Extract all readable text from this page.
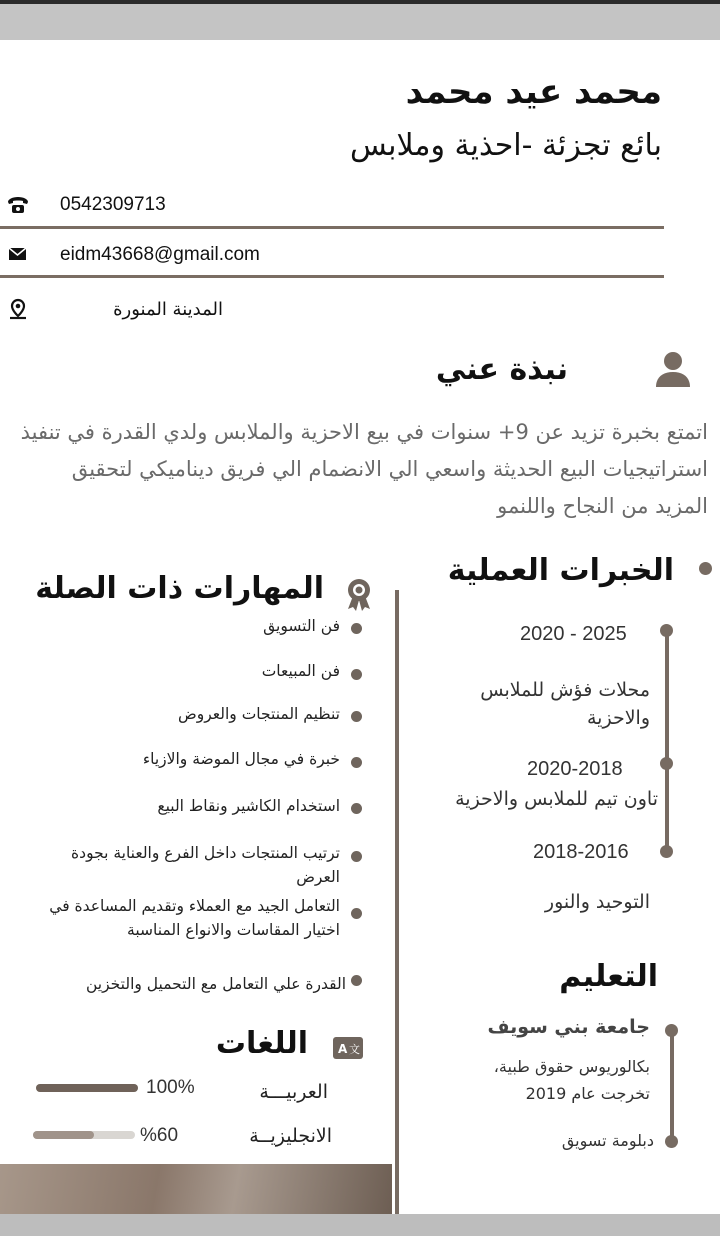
محمد عيد محمد
بائع تجزئة -احذية وملابس
0542309713
eidm43668@gmail.com
المدينة المنورة
نبذة عني
اتمتع بخبرة تزيد عن 9+ سنوات في بيع الاحزية والملابس ولدي القدرة في تنفيذ استراتيجيات البيع الحديثة واسعي الي الانضمام الي فريق ديناميكي لتحقيق المزيد من النجاح واللنمو
الخبرات العملية
2020 - 2025
محلات فؤش للملابس والاحزية
2020-2018
تاون تيم للملابس والاحزية
2018-2016
التوحيد والنور
التعليم
جامعة بني سويف
بكالوريوس حقوق طبية،
تخرجت عام 2019
دبلومة تسويق
المهارات ذات الصلة
فن التسويق
فن المبيعات
تنظيم المنتجات والعروض
خبرة في مجال الموضة والازياء
استخدام الكاشير ونقاط البيع
ترتيب المنتجات داخل الفرع والعناية بجودة العرض
التعامل الجيد مع العملاء وتقديم المساعدة في اختيار المقاسات والانواع المناسبة
القدرة علي التعامل مع التحميل والتخزين
A 文
اللغات
العربيـــة
100%
الانجليزيــة
%60
